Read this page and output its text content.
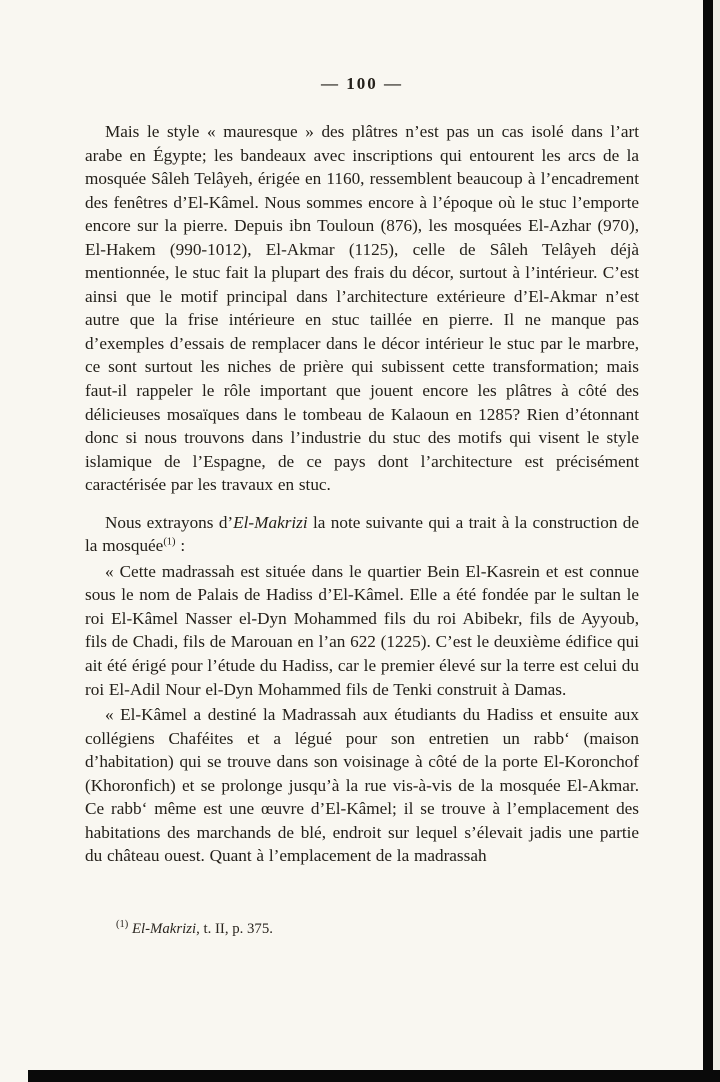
— 100 —

Mais le style « mauresque » des plâtres n’est pas un cas isolé dans l’art arabe en Égypte; les bandeaux avec inscriptions qui entourent les arcs de la mosquée Sâleh Telâyeh, érigée en 1160, ressemblent beaucoup à l’encadrement des fenêtres d’El-Kâmel. Nous sommes encore à l’époque où le stuc l’emporte encore sur la pierre. Depuis ibn Touloun (876), les mosquées El-Azhar (970), El-Hakem (990-1012), El-Akmar (1125), celle de Sâleh Telâyeh déjà mentionnée, le stuc fait la plupart des frais du décor, surtout à l’intérieur. C’est ainsi que le motif principal dans l’architecture extérieure d’El-Akmar n’est autre que la frise intérieure en stuc taillée en pierre. Il ne manque pas d’exemples d’essais de remplacer dans le décor intérieur le stuc par le marbre, ce sont surtout les niches de prière qui subissent cette transformation; mais faut-il rappeler le rôle important que jouent encore les plâtres à côté des délicieuses mosaïques dans le tombeau de Kalaoun en 1285? Rien d’étonnant donc si nous trouvons dans l’industrie du stuc des motifs qui visent le style islamique de l’Espagne, de ce pays dont l’architecture est précisément caractérisée par les travaux en stuc.

Nous extrayons d’El-Makrizi la note suivante qui a trait à la construction de la mosquée$^{(1)}$ :

« Cette madrassah est située dans le quartier Bein El-Kasrein et est connue sous le nom de Palais de Hadiss d’El-Kâmel. Elle a été fondée par le sultan le roi El-Kâmel Nasser el-Dyn Mohammed fils du roi Abibekr, fils de Ayyoub, fils de Chadi, fils de Marouan en l’an 622 (1225). C’est le deuxième édifice qui ait été érigé pour l’étude du Hadiss, car le premier élevé sur la terre est celui du roi El-Adil Nour el-Dyn Mohammed fils de Tenki construit à Damas.

« El-Kâmel a destiné la Madrassah aux étudiants du Hadiss et ensuite aux collégiens Chaféites et a légué pour son entretien un rabb‘ (maison d’habitation) qui se trouve dans son voisinage à côté de la porte El-Koronchof (Khoronfich) et se prolonge jusqu’à la rue vis-à-vis de la mosquée El-Akmar. Ce rabb‘ même est une œuvre d’El-Kâmel; il se trouve à l’emplacement des habitations des marchands de blé, endroit sur lequel s’élevait jadis une partie du château ouest. Quant à l’emplacement de la madrassah

$^{(1)}$ El-Makrizi, t. II, p. 375.
